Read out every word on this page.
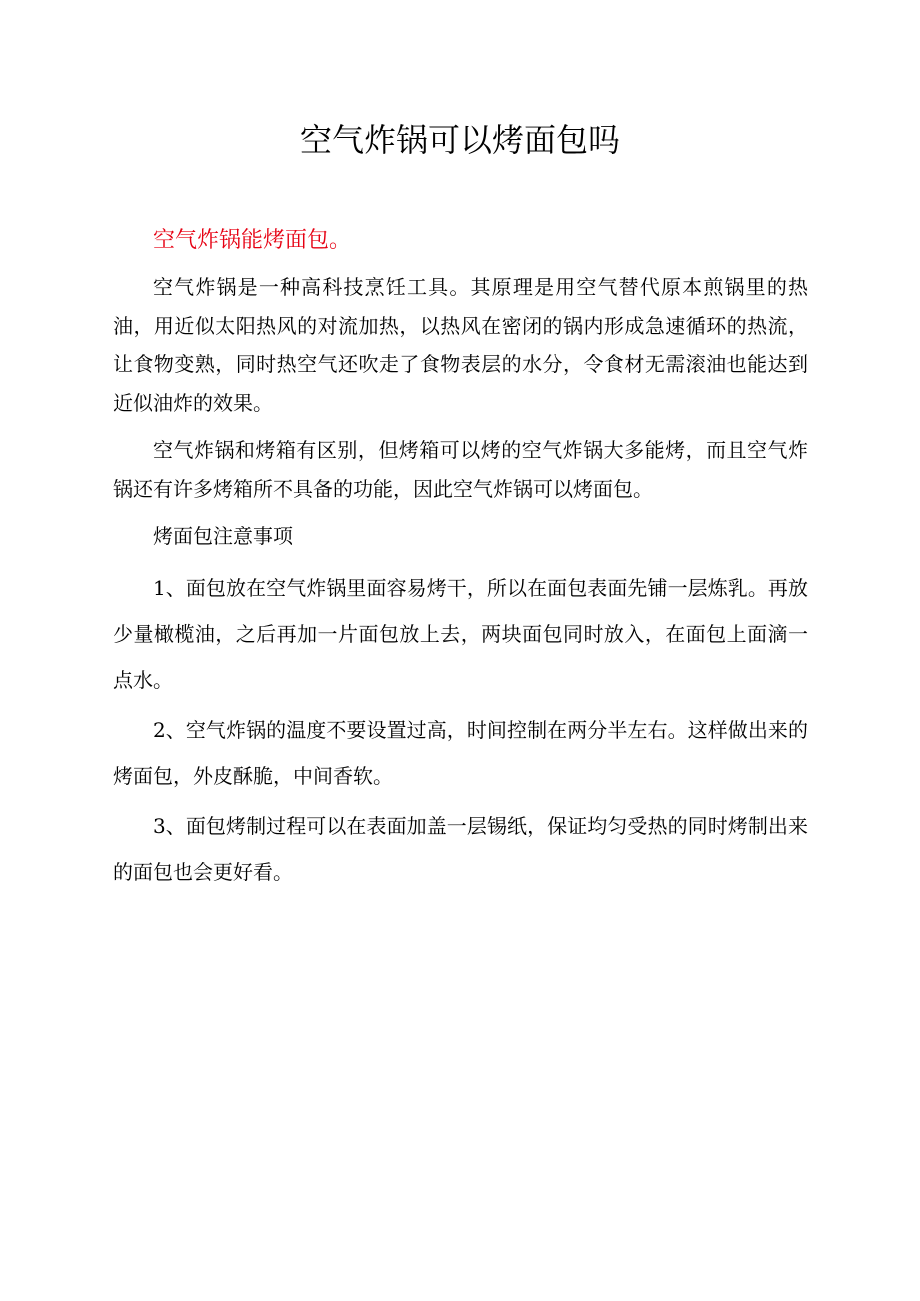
空气炸锅可以烤面包吗

空气炸锅能烤面包。

空气炸锅是一种高科技烹饪工具。其原理是用空气替代原本煎锅里的热油，用近似太阳热风的对流加热，以热风在密闭的锅内形成急速循环的热流，让食物变熟，同时热空气还吹走了食物表层的水分，令食材无需滚油也能达到近似油炸的效果。

空气炸锅和烤箱有区别，但烤箱可以烤的空气炸锅大多能烤，而且空气炸锅还有许多烤箱所不具备的功能，因此空气炸锅可以烤面包。

烤面包注意事项

1、面包放在空气炸锅里面容易烤干，所以在面包表面先铺一层炼乳。再放少量橄榄油，之后再加一片面包放上去，两块面包同时放入，在面包上面滴一点水。

2、空气炸锅的温度不要设置过高，时间控制在两分半左右。这样做出来的烤面包，外皮酥脆，中间香软。

3、面包烤制过程可以在表面加盖一层锡纸，保证均匀受热的同时烤制出来的面包也会更好看。
